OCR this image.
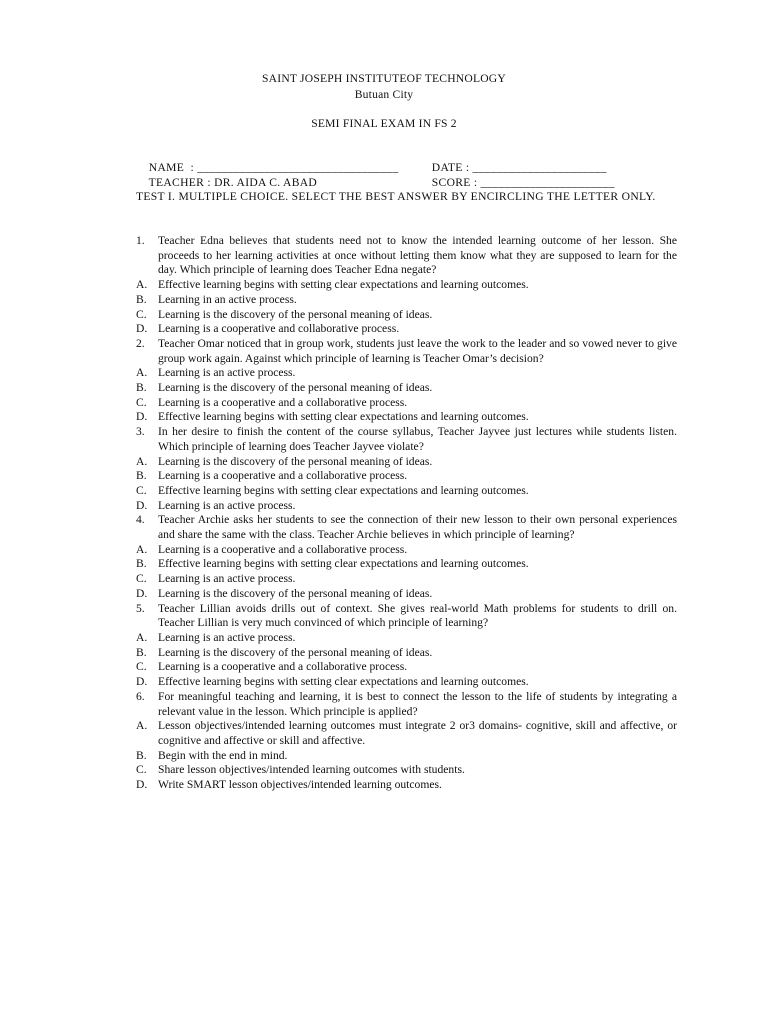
SAINT JOSEPH INSTITUTEOF TECHNOLOGY
Butuan City
SEMI FINAL EXAM IN FS 2

NAME  : _________________________________
	DATE : ______________________

TEACHER : DR. AIDA C. ABAD
	SCORE : ______________________

TEST I. MULTIPLE CHOICE. SELECT THE BEST ANSWER BY ENCIRCLING THE LETTER ONLY.
1. Teacher Edna believes that students need not to know the intended learning outcome of her lesson. She proceeds to her learning activities at once without letting them know what they are supposed to learn for the day. Which principle of learning does Teacher Edna negate?
A. Effective learning begins with setting clear expectations and learning outcomes.
B. Learning in an active process.
C. Learning is the discovery of the personal meaning of ideas.
D. Learning is a cooperative and collaborative process.
2. Teacher Omar noticed that in group work, students just leave the work to the leader and so vowed never to give group work again. Against which principle of learning is Teacher Omar’s decision?
A. Learning is an active process.
B. Learning is the discovery of the personal meaning of ideas.
C. Learning is a cooperative and a collaborative process.
D. Effective learning begins with setting clear expectations and learning outcomes.
3. In her desire to finish the content of the course syllabus, Teacher Jayvee just lectures while students listen. Which principle of learning does Teacher Jayvee violate?
A. Learning is the discovery of the personal meaning of ideas.
B. Learning is a cooperative and a collaborative process.
C. Effective learning begins with setting clear expectations and learning outcomes.
D. Learning is an active process.
4. Teacher Archie asks her students to see the connection of their new lesson to their own personal experiences and share the same with the class. Teacher Archie believes in which principle of learning?
A. Learning is a cooperative and a collaborative process.
B. Effective learning begins with setting clear expectations and learning outcomes.
C. Learning is an active process.
D. Learning is the discovery of the personal meaning of ideas.
5. Teacher Lillian avoids drills out of context. She gives real-world Math problems for students to drill on. Teacher Lillian is very much convinced of which principle of learning?
A. Learning is an active process.
B. Learning is the discovery of the personal meaning of ideas.
C. Learning is a cooperative and a collaborative process.
D. Effective learning begins with setting clear expectations and learning outcomes.
6. For meaningful teaching and learning, it is best to connect the lesson to the life of students by integrating a relevant value in the lesson. Which principle is applied?
A. Lesson objectives/intended learning outcomes must integrate 2 or3 domains- cognitive, skill and affective, or cognitive and affective or skill and affective.
B. Begin with the end in mind.
C. Share lesson objectives/intended learning outcomes with students.
D. Write SMART lesson objectives/intended learning outcomes.
